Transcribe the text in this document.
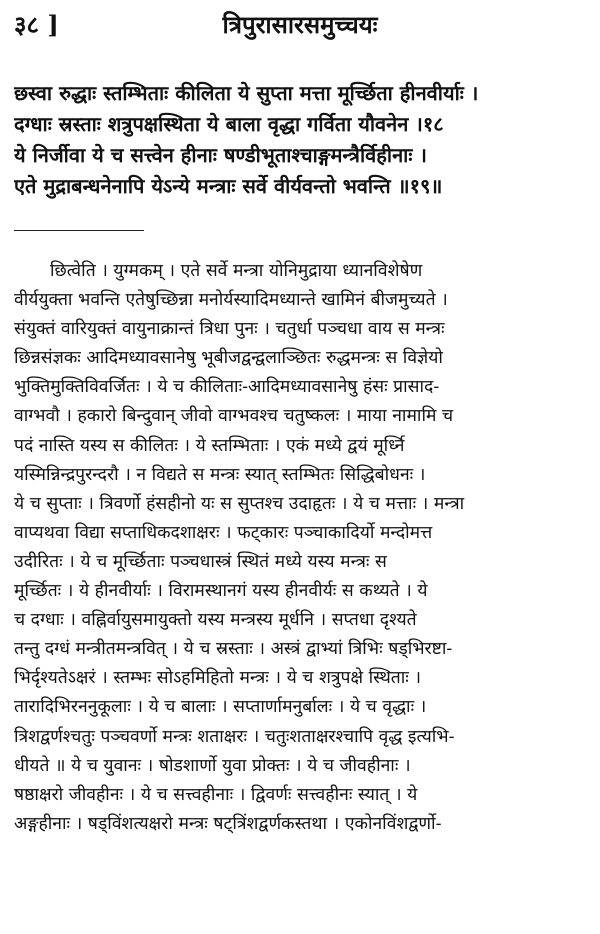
३८ ]	त्रिपुरासारसमुच्चयः
छस्वा रुद्धाः स्तम्भिताः कीलिता ये सुप्ता मत्ता मूर्च्छिता हीनवीर्याः ।
दग्धाः स्रस्ताः शत्रुपक्षस्थिता ये बाला वृद्धा गर्विता यौवनेन ।१८
ये निर्जीवा ये च सत्त्वेन हीनाः षण्डीभूताश्चाङ्गमन्त्रैर्विहीनाः ।
एते मुद्राबन्धनेनापि येऽन्ये मन्त्राः सर्वे वीर्यवन्तो भवन्ति ॥१९॥
छित्वेति । युग्मकम् । एते सर्वे मन्त्रा योनिमुद्राया ध्यानविशेषेण
वीर्ययुक्ता भवन्ति एतेषुच्छिन्ना मनोर्यस्यादिमध्यान्ते खामिनं बीजमुच्यते ।
संयुक्तं वारियुक्तं वायुनाक्रान्तं त्रिधा पुनः । चतुर्धा पञ्चधा वाय स मन्त्रः
छिन्नसंज्ञकः आदिमध्यावसानेषु भूबीजद्वन्द्वलाञ्छितः रुद्धमन्त्रः स विज्ञेयो
भुक्तिमुक्तिविवर्जितः । ये च कीलिताः-आदिमध्यावसानेषु हंसः प्रासाद-
वाग्भवौ । हकारो बिन्दुवान् जीवो वाग्भवश्च चतुष्कलः । माया नामामि च
पदं नास्ति यस्य स कीलितः । ये स्तम्भिताः । एकं मध्ये द्वयं मूर्ध्नि
यस्मिन्निन्द्रपुरन्दरौ । न विद्यते स मन्त्रः स्यात् स्तम्भितः सिद्धिबोधनः ।
ये च सुप्ताः । त्रिवर्णो हंसहीनो यः स सुप्तश्च उदाहृतः । ये च मत्ताः । मन्त्रा
वाप्यथवा विद्या सप्ताधिकदशाक्षरः । फट्कारः पञ्चाकादिर्यो मन्दोमत्त
उदीरितः । ये च मूर्च्छिताः पञ्चधास्त्रं स्थितं मध्ये यस्य मन्त्रः स
मूर्च्छितः । ये हीनवीर्याः । विरामस्थानगं यस्य हीनवीर्यः स कथ्यते । ये
च दग्धाः । वह्निर्वायुसमायुक्तो यस्य मन्त्रस्य मूर्धनि । सप्तधा दृश्यते
तन्तु दग्धं मन्त्रीतमन्त्रवित् । ये च स्रस्ताः । अस्त्रं द्वाभ्यां त्रिभिः षड्भिरष्टा-
भिर्दृश्यतेऽक्षरं । स्तम्भः सोऽहमिहितो मन्त्रः । ये च शत्रुपक्षे स्थिताः ।
तारादिभिरननुकूलाः । ये च बालाः । सप्तार्णामनुर्बालः । ये च वृद्धाः ।
त्रिशद्वर्णश्चतुः पञ्चवर्णो मन्त्रः शताक्षरः । चतुःशताक्षरश्चापि वृद्ध इत्यभि-
धीयते ॥ ये च युवानः । षोडशार्णो युवा प्रोक्तः । ये च जीवहीनाः ।
षष्ठाक्षरो जीवहीनः । ये च सत्त्वहीनाः । द्विवर्णः सत्त्वहीनः स्यात् । ये
अङ्गहीनाः । षड्विंशत्यक्षरो मन्त्रः षट्त्रिंशद्वर्णकस्तथा । एकोनविंशद्वर्णो-
